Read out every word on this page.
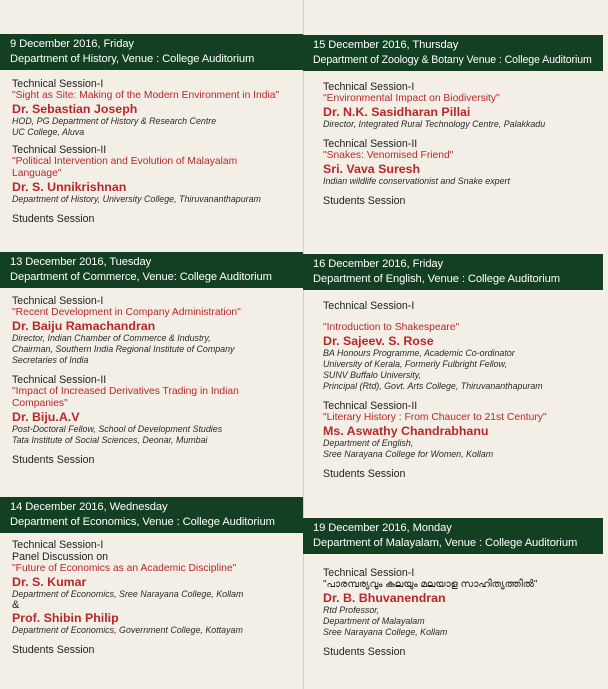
9 December 2016, Friday
Department of History, Venue : College Auditorium
Technical Session-I
"Sight as Site: Making of the Modern Environment in India"
Dr. Sebastian Joseph
HOD, PG Department of History & Research Centre
UC College, Aluva
Technical Session-II
"Political Intervention and Evolution of Malayalam Language"
Dr. S. Unnikrishnan
Department of History, University College, Thiruvananthapuram
Students Session
13 December 2016, Tuesday
Department of Commerce, Venue: College Auditorium
Technical Session-I
"Recent Development in Company Administration"
Dr. Baiju Ramachandran
Director, Indian Chamber of Commerce & Industry,
Chairman, Southern India Regional Institute of Company
Secretaries of India
Technical Session-II
"Impact of Increased Derivatives Trading in Indian Companies"
Dr. Biju.A.V
Post-Doctoral Fellow, School of Development Studies
Tata Institute of Social Sciences, Deonar, Mumbai
Students Session
14 December 2016, Wednesday
Department of Economics, Venue : College Auditorium
Technical Session-I
Panel Discussion on
"Future of Economics as an Academic Discipline"
Dr. S. Kumar
Department of Economics, Sree Narayana College, Kollam
&
Prof. Shibin Philip
Department of Economics, Government College, Kottayam
Students Session
15 December 2016, Thursday
Department of Zoology & Botany Venue : College Auditorium
Technical Session-I
"Environmental Impact on Biodiversity"
Dr. N.K. Sasidharan Pillai
Director, Integrated Rural Technology Centre, Palakkadu
Technical Session-II
"Snakes: Venomised Friend"
Sri. Vava Suresh
Indian wildlife conservationist and Snake expert
Students Session
16 December 2016, Friday
Department of English, Venue : College Auditorium
Technical Session-I
"Introduction to Shakespeare"
Dr. Sajeev. S. Rose
BA Honours Programme, Academic Co-ordinator
University of Kerala, Formerly Fulbright Fellow,
SUNV Buffalo University,
Principal (Rtd), Govt. Arts College, Thiruvananthapuram
Technical Session-II
"Literary History : From Chaucer to 21st Century"
Ms. Aswathy Chandrabhanu
Department of English,
Sree Narayana College for Women, Kollam
Students Session
19 December 2016, Monday
Department of Malayalam, Venue : College Auditorium
Technical Session-I
"പാരമ്പര്യവും കലയും മലയാള സാഹിത്യത്തിൽ"
Dr. B. Bhuvanendran
Rtd Professor,
Department of Malayalam
Sree Narayana College, Kollam
Students Session
